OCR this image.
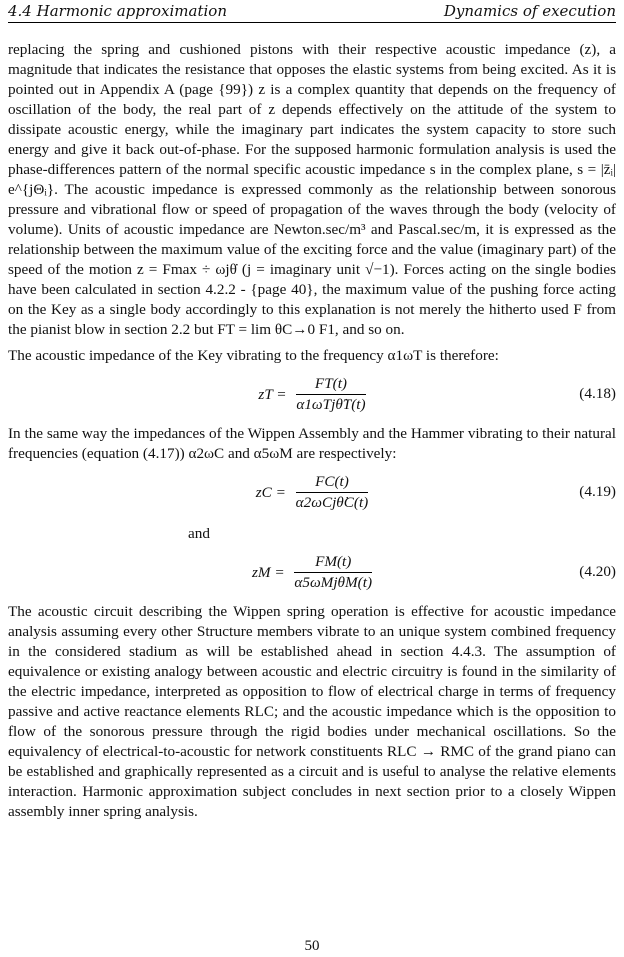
4.4 Harmonic approximation	Dynamics of execution

replacing the spring and cushioned pistons with their respective acoustic impedance (z), a magnitude that indicates the resistance that opposes the elastic systems from being excited. As it is pointed out in Appendix A (page {99}) z is a complex quantity that depends on the frequency of oscillation of the body, the real part of z depends effectively on the attitude of the system to dissipate acoustic energy, while the imaginary part indicates the system capacity to store such energy and give it back out-of-phase. For the supposed harmonic formulation analysis is used the phase-differences pattern of the normal specific acoustic impedance s in the complex plane, s = |z̄ᵢ| e^{jΘᵢ}. The acoustic impedance is expressed commonly as the relationship between sonorous pressure and vibrational flow or speed of propagation of the waves through the body (velocity of volume). Units of acoustic impedance are Newton.sec/m³ and Pascal.sec/m, it is expressed as the relationship between the maximum value of the exciting force and the value (imaginary part) of the speed of the motion z = Fmax ÷ ωjθ̇ (j = imaginary unit √−1). Forces acting on the single bodies have been calculated in section 4.2.2 - {page 40}, the maximum value of the pushing force acting on the Key as a single body accordingly to this explanation is not merely the hitherto used F from the pianist blow in section 2.2 but FT = lim θC→0 F1, and so on.

The acoustic impedance of the Key vibrating to the frequency α1ωT is therefore:

zT = $\frac{FT(t)}{\text{α1ωTjθ̇T(t)}}$	(4.18)

In the same way the impedances of the Wippen Assembly and the Hammer vibrating to their natural frequencies (equation (4.17)) α2ωC and α5ωM are respectively:

zC = $\frac{FC(t)}{\text{α2ωCjθ̇C(t)}}$	(4.19)
and
zM = $\frac{FM(t)}{\text{α5ωMjθ̇M(t)}}$	(4.20)

The acoustic circuit describing the Wippen spring operation is effective for acoustic impedance analysis assuming every other Structure members vibrate to an unique system combined frequency in the considered stadium as will be established ahead in section 4.4.3. The assumption of equivalence or existing analogy between acoustic and electric circuitry is found in the similarity of the electric impedance, interpreted as opposition to flow of electrical charge in terms of frequency passive and active reactance elements RLC; and the acoustic impedance which is the opposition to flow of the sonorous pressure through the rigid bodies under mechanical oscillations. So the equivalency of electrical-to-acoustic for network constituents RLC → RMC of the grand piano can be established and graphically represented as a circuit and is useful to analyse the relative elements interaction. Harmonic approximation subject concludes in next section prior to a closely Wippen assembly inner spring analysis.

50
